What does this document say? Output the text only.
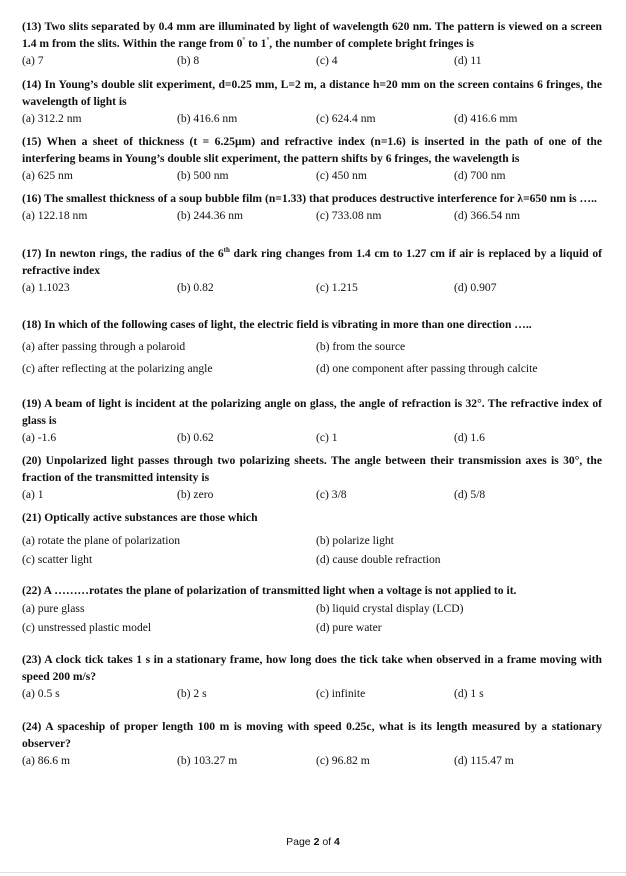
(13) Two slits separated by 0.4 mm are illuminated by light of wavelength 620 nm. The pattern is viewed on a screen 1.4 m from the slits. Within the range from 0° to 1°, the number of complete bright fringes is

(a) 7	(b) 8	(c) 4	(d) 11

(14) In Young’s double slit experiment, d=0.25 mm, L=2 m, a distance h=20 mm on the screen contains 6 fringes, the wavelength of light is

(a) 312.2 nm	(b) 416.6 nm	(c) 624.4 nm	(d) 416.6 mm

(15) When a sheet of thickness (t = 6.25μm) and refractive index (n=1.6) is inserted in the path of one of the interfering beams in Young’s double slit experiment, the pattern shifts by 6 fringes, the wavelength is

(a) 625 nm	(b) 500 nm	(c) 450 nm	(d) 700 nm

(16) The smallest thickness of a soup bubble film (n=1.33) that produces destructive interference for λ=650 nm is …..

(a) 122.18 nm	(b) 244.36 nm	(c) 733.08 nm	(d) 366.54 nm

(17) In newton rings, the radius of the 6th dark ring changes from 1.4 cm to 1.27 cm if air is replaced by a liquid of refractive index

(a) 1.1023	(b) 0.82	(c) 1.215	(d) 0.907

(18) In which of the following cases of light, the electric field is vibrating in more than one direction …..

(a) after passing through a polaroid	(b) from the source
(c) after reflecting at the polarizing angle	(d) one component after passing through calcite

(19) A beam of light is incident at the polarizing angle on glass, the angle of refraction is 32°. The refractive index of glass is

(a) -1.6	(b) 0.62	(c) 1	(d) 1.6

(20) Unpolarized light passes through two polarizing sheets. The angle between their transmission axes is 30°, the fraction of the transmitted intensity is

(a) 1	(b) zero	(c) 3/8	(d) 5/8

(21) Optically active substances are those which

(a) rotate the plane of polarization	(b) polarize light
(c) scatter light	(d) cause double refraction

(22) A ………rotates the plane of polarization of transmitted light when a voltage is not applied to it.

(a) pure glass	(b) liquid crystal display (LCD)
(c) unstressed plastic model	(d) pure water

(23) A clock tick takes 1 s in a stationary frame, how long does the tick take when observed in a frame moving with speed 200 m/s?

(a) 0.5 s	(b) 2 s	(c) infinite	(d) 1 s

(24) A spaceship of proper length 100 m is moving with speed 0.25c, what is its length measured by a stationary observer?

(a) 86.6 m	(b) 103.27 m	(c) 96.82 m	(d) 115.47 m
Page 2 of 4
